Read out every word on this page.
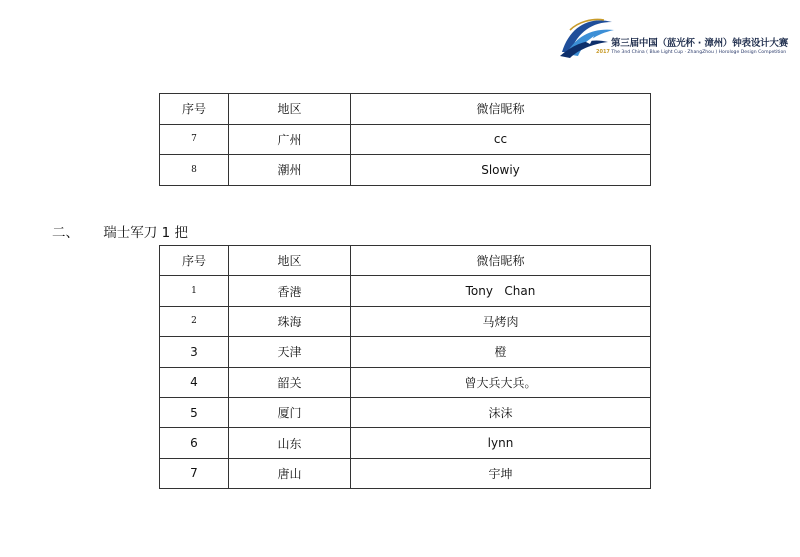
第三届中国（蓝光杯 · 漳州）钟表设计大赛
2017 The 3nd China ( Blue Light Cup · ZhangZhou ) Horologe Design Competition
序号	地区	微信昵称
7	广州	cc
8	潮州	Slowiy
二、 瑞士军刀 1 把
序号	地区	微信昵称
1	香港	Tony   Chan
2	珠海	马烤肉
3	天津	橙
4	韶关	曾大兵大兵。
5	厦门	沫沫
6	山东	lynn
7	唐山	宇坤
